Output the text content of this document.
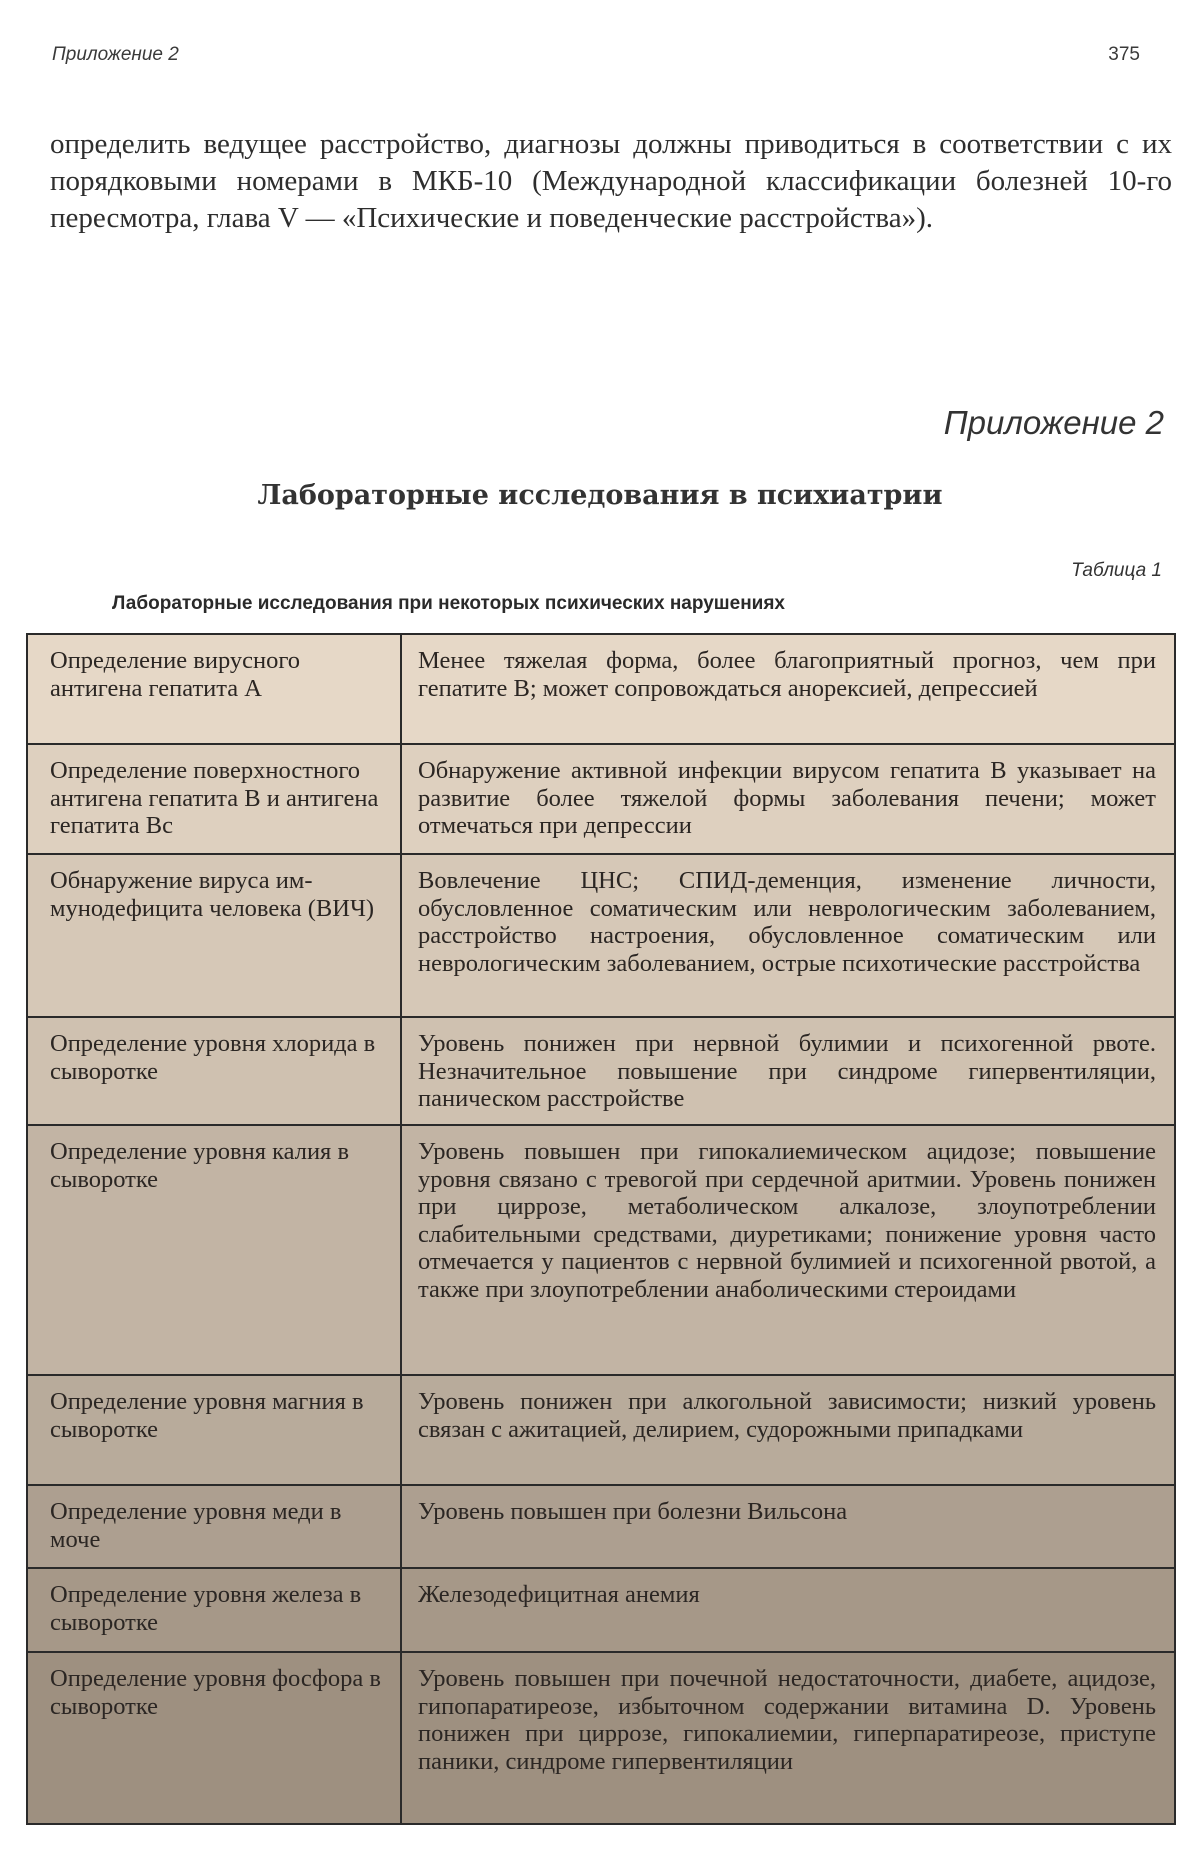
Приложение 2	375

определить ведущее расстройство, диагнозы должны приводиться в соответствии с их порядковыми номерами в МКБ-10 (Международной классификации болезней 10-го пересмотра, глава V — «Психические и поведенческие расстройства»).

Приложение 2
Лабораторные исследования в психиатрии
Таблица 1
Лабораторные исследования при некоторых психических нарушениях
Определение вирусного антигена гепатита А	Менее тяжелая форма, более благоприятный прогноз, чем при гепатите В; может сопровождаться анорексией, депрессией
Определение поверхностного антигена гепатита В и антигена гепатита Вс	Обнаружение активной инфекции вирусом гепатита В указывает на развитие более тяжелой формы заболевания печени; может отмечаться при депрессии
Обнаружение вируса иммунодефицита человека (ВИЧ)	Вовлечение ЦНС; СПИД-деменция, изменение личности, обусловленное соматическим или неврологическим заболеванием, расстройство настроения, обусловленное соматическим или неврологическим заболеванием, острые психотические расстройства
Определение уровня хлорида в сыворотке	Уровень понижен при нервной булимии и психогенной рвоте. Незначительное повышение при синдроме гипервентиляции, паническом расстройстве
Определение уровня калия в сыворотке	Уровень повышен при гипокалиемическом ацидозе; повышение уровня связано с тревогой при сердечной аритмии. Уровень понижен при циррозе, метаболическом алкалозе, злоупотреблении слабительными средствами, диуретиками; понижение уровня часто отмечается у пациентов с нервной булимией и психогенной рвотой, а также при злоупотреблении анаболическими стероидами
Определение уровня магния в сыворотке	Уровень понижен при алкогольной зависимости; низкий уровень связан с ажитацией, делирием, судорожными припадками
Определение уровня меди в моче	Уровень повышен при болезни Вильсона
Определение уровня железа в сыворотке	Железодефицитная анемия
Определение уровня фосфора в сыворотке	Уровень повышен при почечной недостаточности, диабете, ацидозе, гипопаратиреозе, избыточном содержании витамина D. Уровень понижен при циррозе, гипокалиемии, гиперпаратиреозе, приступе паники, синдроме гипервентиляции
